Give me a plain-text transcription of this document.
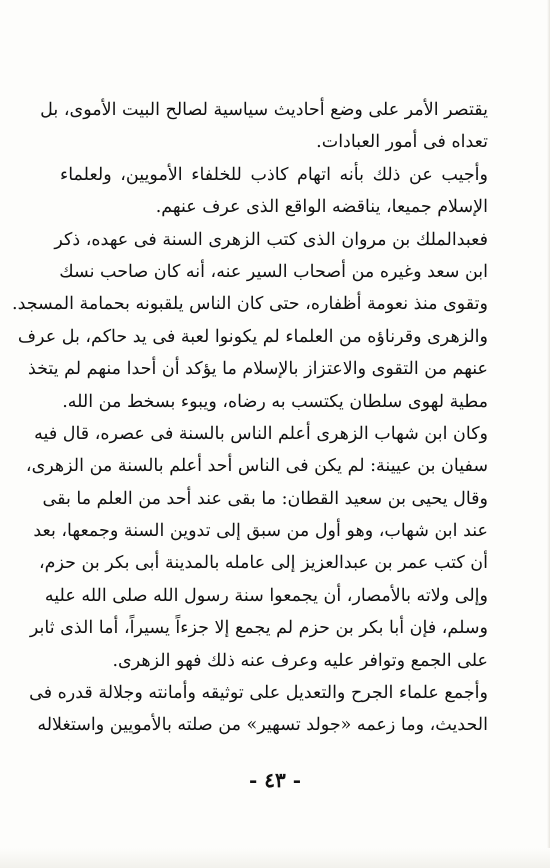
يقتصر الأمر على وضع أحاديث سياسية لصالح البيت الأموى، بل
تعداه فى أمور العبادات.
وأجيب عن ذلك بأنه اتهام كاذب للخلفاء الأمويين، ولعلماء
الإسلام جميعا، يناقضه الواقع الذى عرف عنهم.
فعبدالملك بن مروان الذى كتب الزهرى السنة فى عهده، ذكر
ابن سعد وغيره من أصحاب السير عنه، أنه كان صاحب نسك
وتقوى منذ نعومة أظفاره، حتى كان الناس يلقبونه بحمامة المسجد.
والزهرى وقرناؤه من العلماء لم يكونوا لعبة فى يد حاكم، بل عرف
عنهم من التقوى والاعتزاز بالإسلام ما يؤكد أن أحدا منهم لم يتخذ
مطية لهوى سلطان يكتسب به رضاه، ويبوء بسخط من الله.
وكان ابن شهاب الزهرى أعلم الناس بالسنة فى عصره، قال فيه
سفيان بن عيينة: لم يكن فى الناس أحد أعلم بالسنة من الزهرى،
وقال يحيى بن سعيد القطان: ما بقى عند أحد من العلم ما بقى
عند ابن شهاب، وهو أول من سبق إلى تدوين السنة وجمعها، بعد
أن كتب عمر بن عبدالعزيز إلى عامله بالمدينة أبى بكر بن حزم،
وإلى ولاته بالأمصار، أن يجمعوا سنة رسول الله صلى الله عليه
وسلم، فإن أبا بكر بن حزم لم يجمع إلا جزءاً يسيراً، أما الذى ثابر
على الجمع وتوافر عليه وعرف عنه ذلك فهو الزهرى.
وأجمع علماء الجرح والتعديل على توثيقه وأمانته وجلالة قدره فى
الحديث، وما زعمه «جولد تسهير» من صلته بالأمويين واستغلاله
- ٤٣ -
